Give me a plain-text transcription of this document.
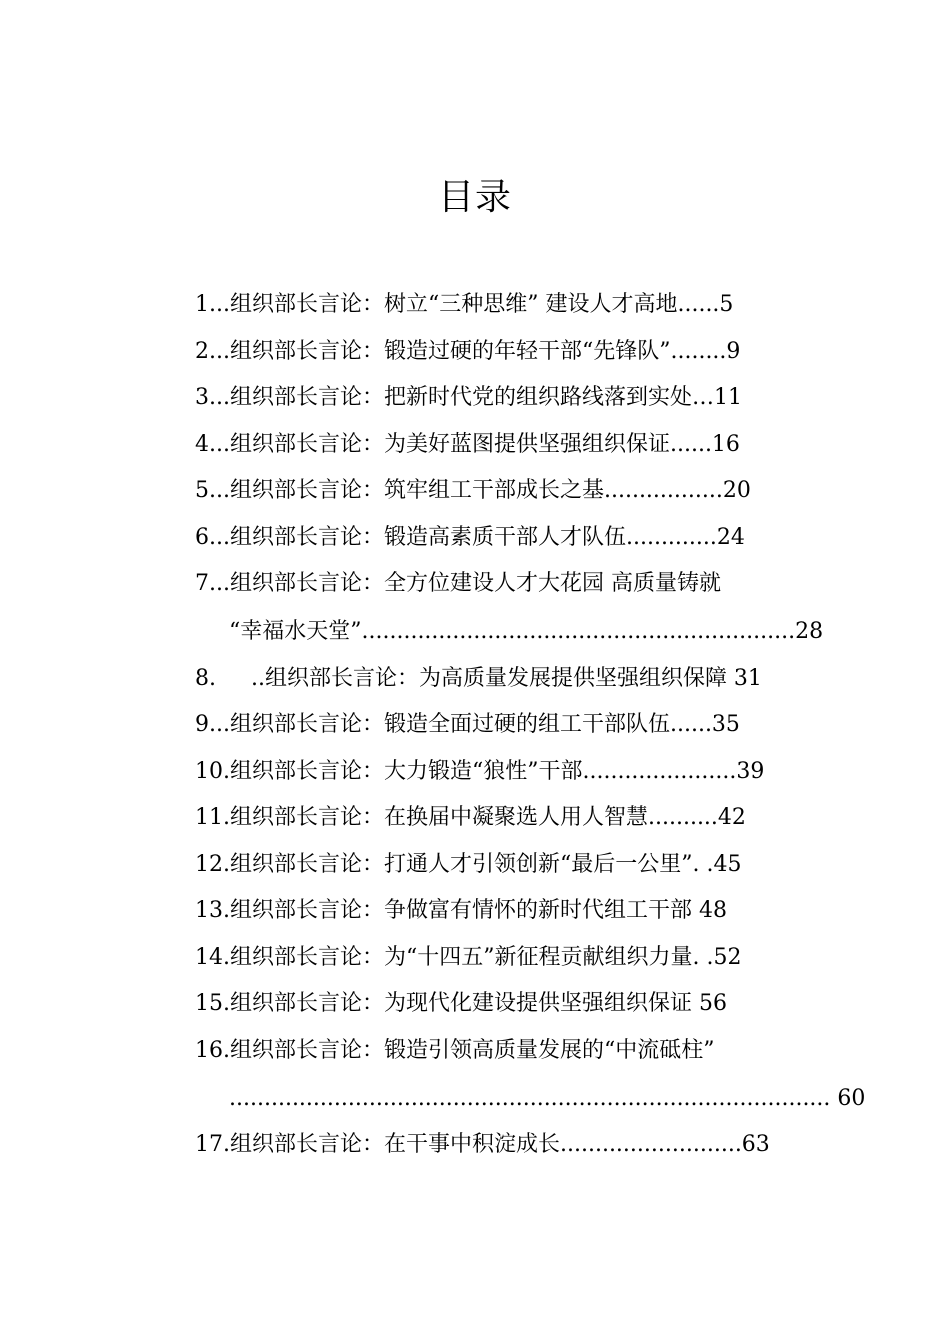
目录
1...组织部长言论：树立“三种思维” 建设人才高地......5
2...组织部长言论：锻造过硬的年轻干部“先锋队”........9
3...组织部长言论：把新时代党的组织路线落到实处…11
4...组织部长言论：为美好蓝图提供坚强组织保证......16
5...组织部长言论：筑牢组工干部成长之基.................20
6...组织部长言论：锻造高素质干部人才队伍.............24
7...组织部长言论：全方位建设人才大花园 高质量铸就
“幸福水天堂”..............................................................28
8.     ..组织部长言论：为高质量发展提供坚强组织保障 31
9...组织部长言论：锻造全面过硬的组工干部队伍......35
10.组织部长言论：大力锻造“狼性”干部......................39
11.组织部长言论：在换届中凝聚选人用人智慧..........42
12.组织部长言论：打通人才引领创新“最后一公里”. .45
13.组织部长言论：争做富有情怀的新时代组工干部 48
14.组织部长言论：为“十四五”新征程贡献组织力量. .52
15.组织部长言论：为现代化建设提供坚强组织保证 56
16.组织部长言论：锻造引领高质量发展的“中流砥柱”
...................................................................................... 60
17.组织部长言论：在干事中积淀成长..........................63
